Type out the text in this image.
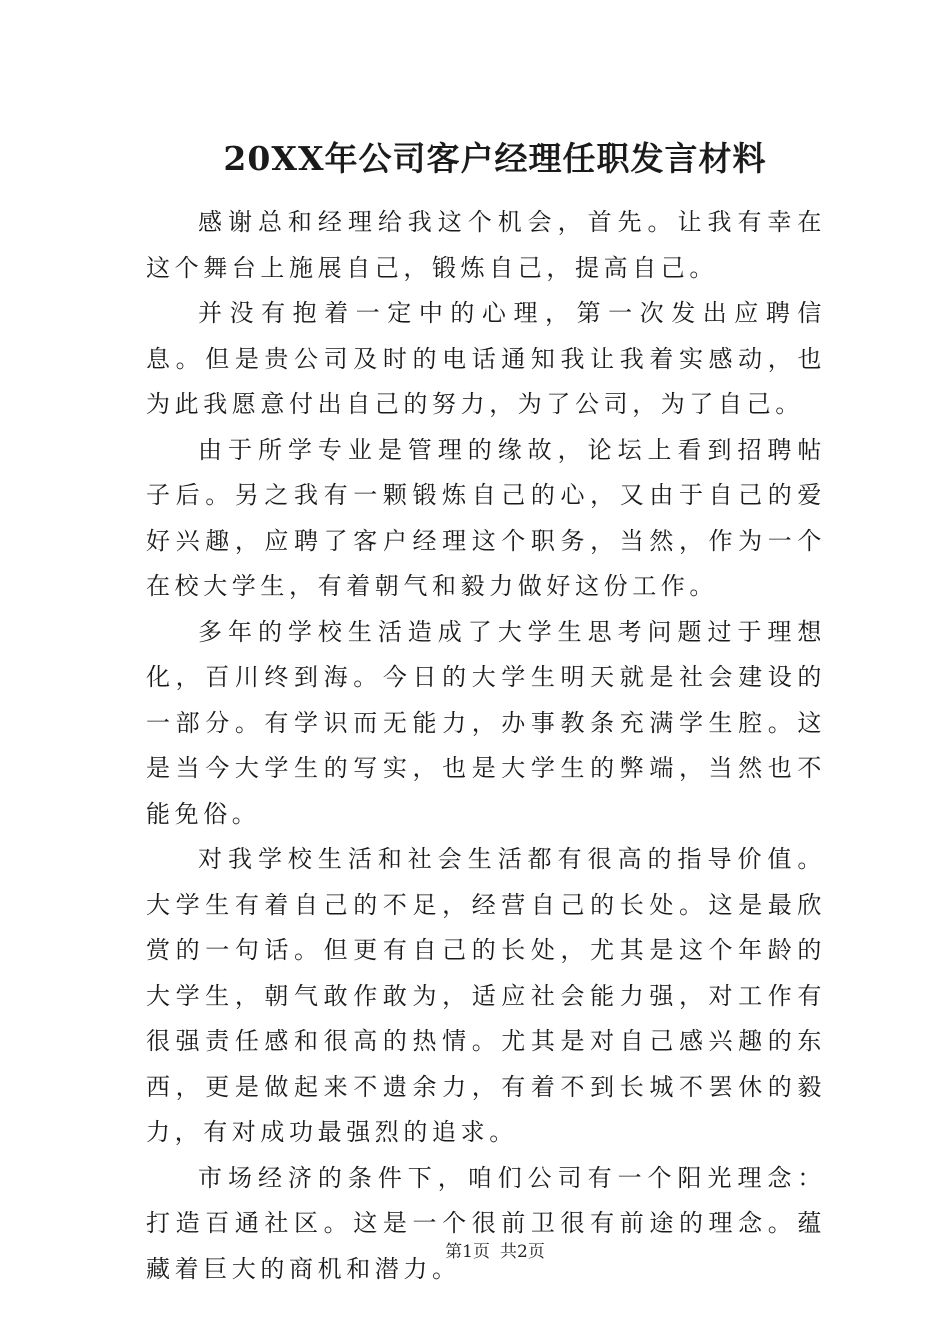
20XX年公司客户经理任职发言材料

感谢总和经理给我这个机会，首先。让我有幸在这个舞台上施展自己，锻炼自己，提高自己。

并没有抱着一定中的心理，第一次发出应聘信息。但是贵公司及时的电话通知我让我着实感动，也为此我愿意付出自己的努力，为了公司，为了自己。

由于所学专业是管理的缘故，论坛上看到招聘帖子后。另之我有一颗锻炼自己的心，又由于自己的爱好兴趣，应聘了客户经理这个职务，当然，作为一个在校大学生，有着朝气和毅力做好这份工作。

多年的学校生活造成了大学生思考问题过于理想化，百川终到海。今日的大学生明天就是社会建设的一部分。有学识而无能力，办事教条充满学生腔。这是当今大学生的写实，也是大学生的弊端，当然也不能免俗。

对我学校生活和社会生活都有很高的指导价值。大学生有着自己的不足，经营自己的长处。这是最欣赏的一句话。但更有自己的长处，尤其是这个年龄的大学生，朝气敢作敢为，适应社会能力强，对工作有很强责任感和很高的热情。尤其是对自己感兴趣的东西，更是做起来不遗余力，有着不到长城不罢休的毅力，有对成功最强烈的追求。

市场经济的条件下，咱们公司有一个阳光理念：打造百通社区。这是一个很前卫很有前途的理念。蕴藏着巨大的商机和潜力。

第1页 共2页
